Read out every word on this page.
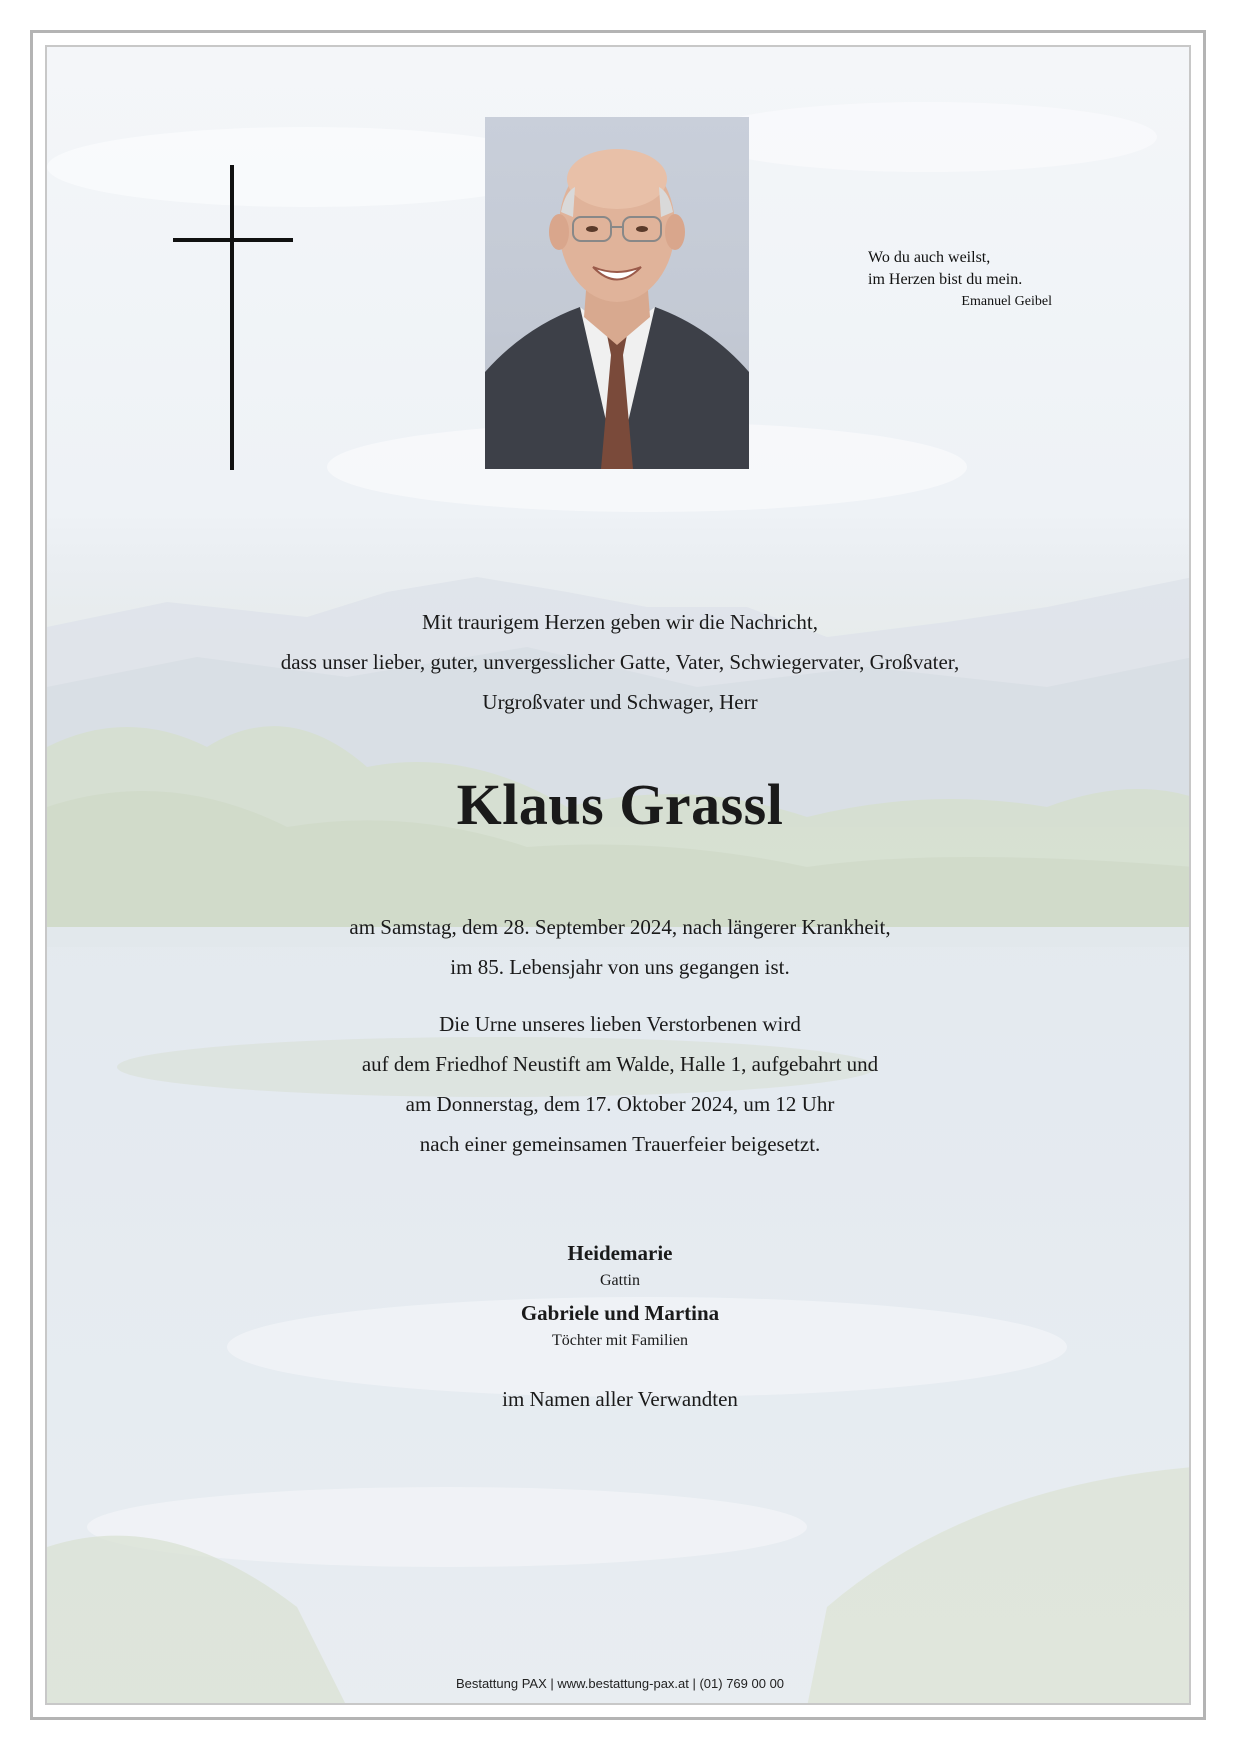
Wo du auch weilst,
im Herzen bist du mein.
Emanuel Geibel
Mit traurigem Herzen geben wir die Nachricht,
dass unser lieber, guter, unvergesslicher Gatte, Vater, Schwiegervater, Großvater,
Urgroßvater und Schwager, Herr
Klaus Grassl
am Samstag, dem 28. September 2024, nach längerer Krankheit,
im 85. Lebensjahr von uns gegangen ist.
Die Urne unseres lieben Verstorbenen wird
auf dem Friedhof Neustift am Walde, Halle 1, aufgebahrt und
am Donnerstag, dem 17. Oktober 2024, um 12 Uhr
nach einer gemeinsamen Trauerfeier beigesetzt.
Heidemarie
Gattin
Gabriele und Martina
Töchter mit Familien
im Namen aller Verwandten
Bestattung PAX | www.bestattung-pax.at | (01) 769 00 00
